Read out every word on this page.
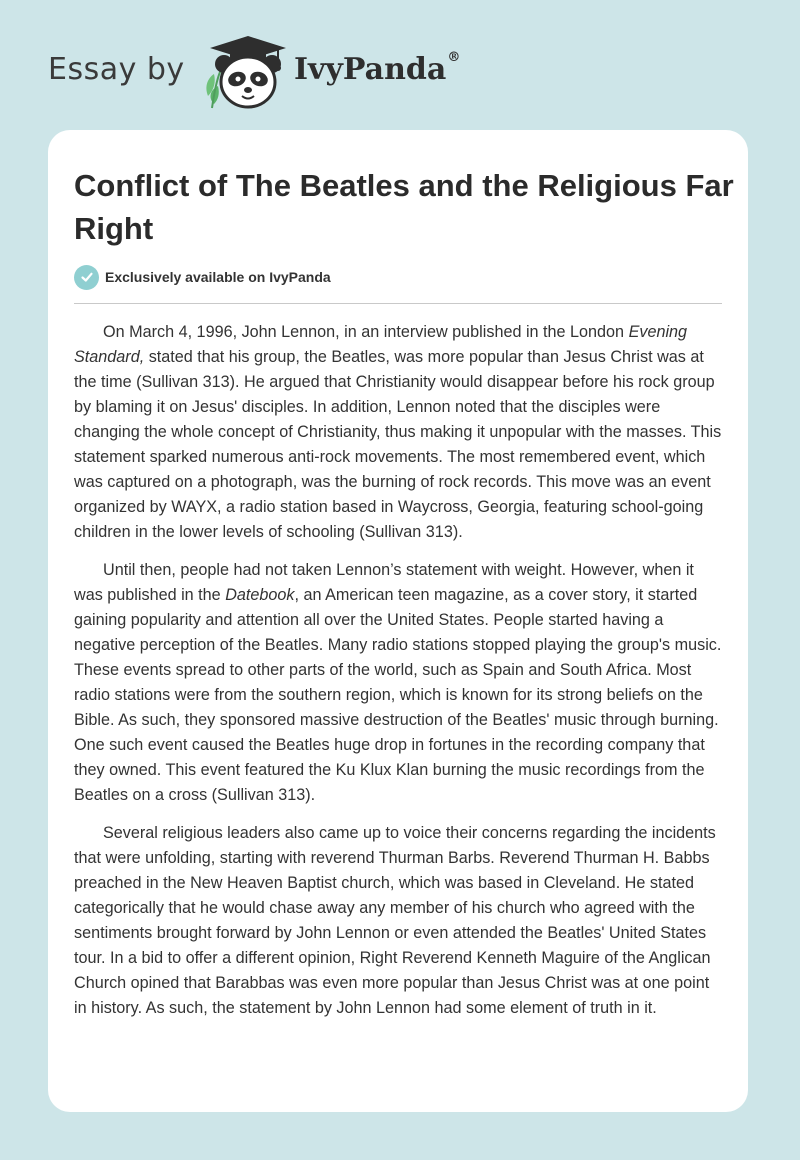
Essay by	IvyPanda®
Conflict of The Beatles and the Religious Far Right
Exclusively available on IvyPanda

On March 4, 1996, John Lennon, in an interview published in the London Evening Standard, stated that his group, the Beatles, was more popular than Jesus Christ was at the time (Sullivan 313). He argued that Christianity would disappear before his rock group by blaming it on Jesus' disciples. In addition, Lennon noted that the disciples were changing the whole concept of Christianity, thus making it unpopular with the masses. This statement sparked numerous anti-rock movements. The most remembered event, which was captured on a photograph, was the burning of rock records. This move was an event organized by WAYX, a radio station based in Waycross, Georgia, featuring school-going children in the lower levels of schooling (Sullivan 313).

Until then, people had not taken Lennon’s statement with weight. However, when it was published in the Datebook, an American teen magazine, as a cover story, it started gaining popularity and attention all over the United States. People started having a negative perception of the Beatles. Many radio stations stopped playing the group's music. These events spread to other parts of the world, such as Spain and South Africa. Most radio stations were from the southern region, which is known for its strong beliefs on the Bible. As such, they sponsored massive destruction of the Beatles' music through burning. One such event caused the Beatles huge drop in fortunes in the recording company that they owned. This event featured the Ku Klux Klan burning the music recordings from the Beatles on a cross (Sullivan 313).

Several religious leaders also came up to voice their concerns regarding the incidents that were unfolding, starting with reverend Thurman Barbs. Reverend Thurman H. Babbs preached in the New Heaven Baptist church, which was based in Cleveland. He stated categorically that he would chase away any member of his church who agreed with the sentiments brought forward by John Lennon or even attended the Beatles' United States tour. In a bid to offer a different opinion, Right Reverend Kenneth Maguire of the Anglican Church opined that Barabbas was even more popular than Jesus Christ was at one point in history. As such, the statement by John Lennon had some element of truth in it.
